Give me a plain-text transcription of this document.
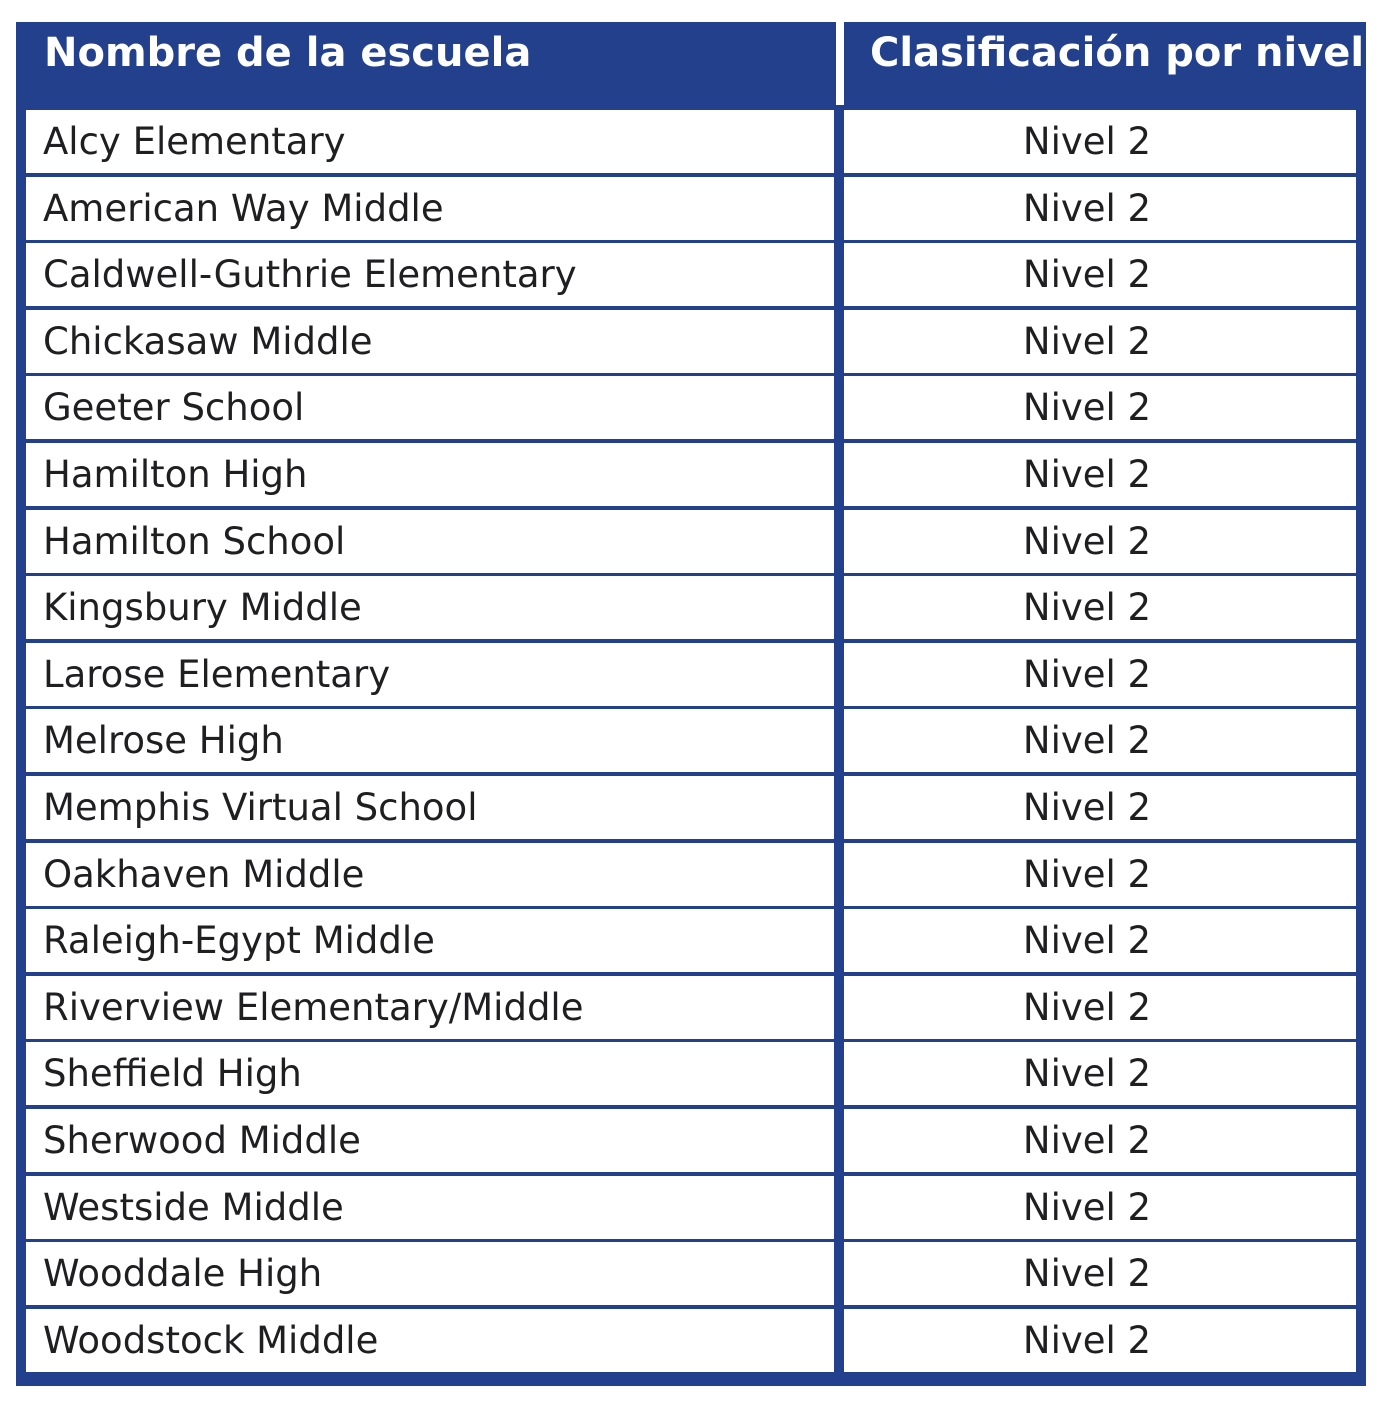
Nombre de la escuela	Clasificación por nivel
Alcy Elementary	Nivel 2
American Way Middle	Nivel 2
Caldwell-Guthrie Elementary	Nivel 2
Chickasaw Middle	Nivel 2
Geeter School	Nivel 2
Hamilton High	Nivel 2
Hamilton School	Nivel 2
Kingsbury Middle	Nivel 2
Larose Elementary	Nivel 2
Melrose High	Nivel 2
Memphis Virtual School	Nivel 2
Oakhaven Middle	Nivel 2
Raleigh-Egypt Middle	Nivel 2
Riverview Elementary/Middle	Nivel 2
Sheffield High	Nivel 2
Sherwood Middle	Nivel 2
Westside Middle	Nivel 2
Wooddale High	Nivel 2
Woodstock Middle	Nivel 2
